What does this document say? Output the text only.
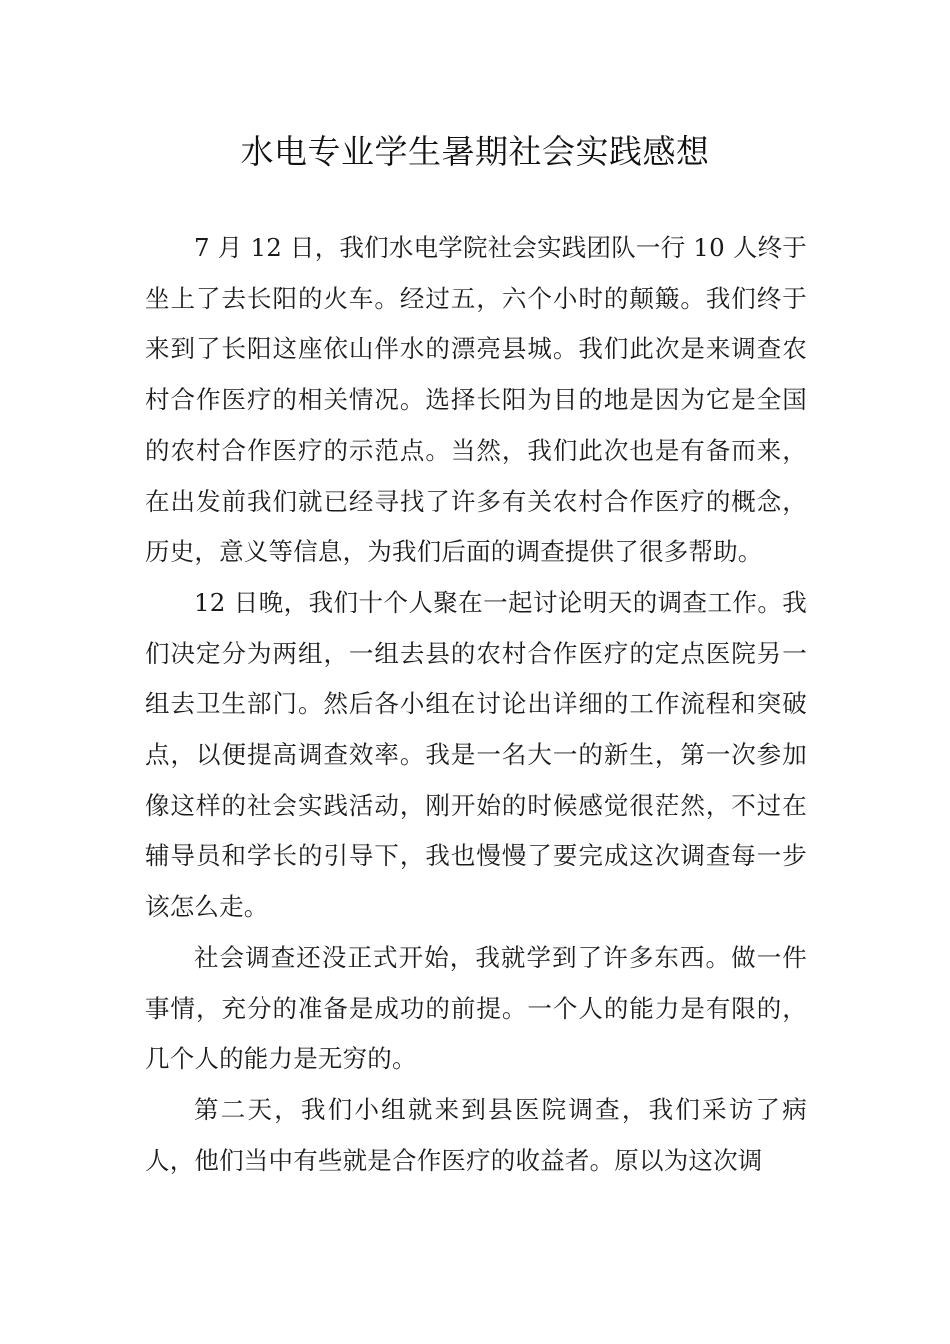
水电专业学生暑期社会实践感想

7 月 12 日，我们水电学院社会实践团队一行 10 人终于坐上了去长阳的火车。经过五，六个小时的颠簸。我们终于来到了长阳这座依山伴水的漂亮县城。我们此次是来调查农村合作医疗的相关情况。选择长阳为目的地是因为它是全国的农村合作医疗的示范点。当然，我们此次也是有备而来，在出发前我们就已经寻找了许多有关农村合作医疗的概念，历史，意义等信息，为我们后面的调查提供了很多帮助。

12 日晚，我们十个人聚在一起讨论明天的调查工作。我们决定分为两组，一组去县的农村合作医疗的定点医院另一组去卫生部门。然后各小组在讨论出详细的工作流程和突破点，以便提高调查效率。我是一名大一的新生，第一次参加像这样的社会实践活动，刚开始的时候感觉很茫然，不过在辅导员和学长的引导下，我也慢慢了要完成这次调查每一步该怎么走。

社会调查还没正式开始，我就学到了许多东西。做一件事情，充分的准备是成功的前提。一个人的能力是有限的，几个人的能力是无穷的。

第二天，我们小组就来到县医院调查，我们采访了病人，他们当中有些就是合作医疗的收益者。原以为这次调
